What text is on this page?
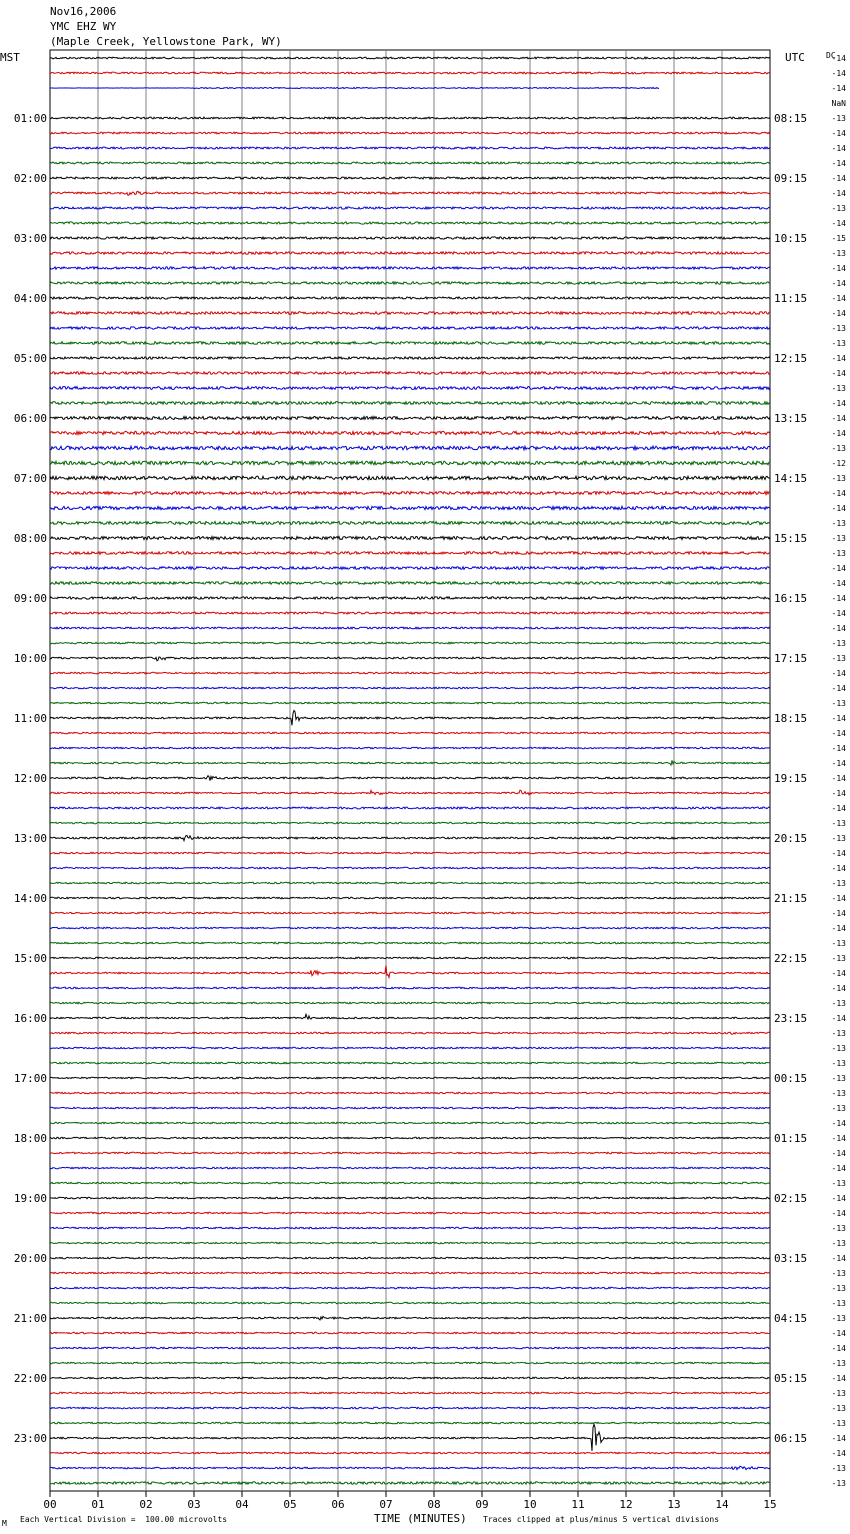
Nov16,2006
YMC EHZ WY
(Maple Creek, Yellowstone Park, WY)
00	01	02	03	04	05	06	07	08	09	10	11	12	13	14	15
01:00
02:00
03:00
04:00
05:00
06:00
07:00
08:00
09:00
10:00
11:00
12:00
13:00
14:00
15:00
16:00
17:00
18:00
19:00
20:00
21:00
22:00
23:00
08:15
09:15
10:15
11:15
12:15
13:15
14:15
15:15
16:15
17:15
18:15
19:15
20:15
21:15
22:15
23:15
00:15
01:15
02:15
03:15
04:15
05:15
06:15
-14
-14
-14
NaN
-13
-14
-14
-14
-14
-14
-13
-14
-15
-13
-14
-14
-14
-14
-13
-13
-14
-14
-13
-14
-14
-14
-13
-12
-13
-14
-14
-13
-13
-13
-14
-14
-14
-14
-14
-13
-13
-14
-14
-13
-14
-14
-14
-14
-14
-14
-14
-13
-13
-14
-14
-13
-14
-14
-14
-13
-13
-14
-14
-13
-14
-13
-13
-13
-13
-13
-13
-14
-14
-14
-14
-13
-14
-14
-13
-13
-14
-13
-13
-13
-13
-14
-14
-13
-14
-13
-13
-13
-14
-14
-13
-13
MST	UTC	DC
TIME (MINUTES)
Each Vertical Division =  100.00 microvolts	Traces clipped at plus/minus 5 vertical divisions
M
